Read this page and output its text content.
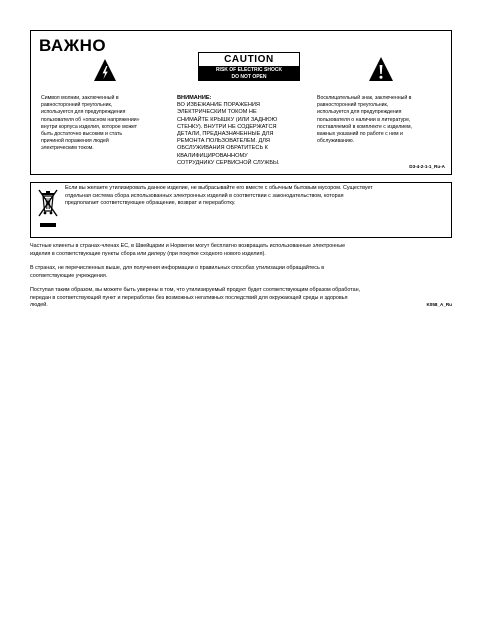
ВАЖНО
CAUTION
RISK OF ELECTRIC SHOCK
DO NOT OPEN
Символ молнии, заключенный в
равносторонний треугольник,
используется для предупреждения
пользователя об «опасном напряжении»
внутри корпуса изделия, которое может
быть достаточно высоким и стать
причиной поражения людей
электрическим током.
ВНИМАНИЕ:
ВО ИЗБЕЖАНИЕ ПОРАЖЕНИЯ
ЭЛЕКТРИЧЕСКИМ ТОКОМ НЕ
СНИМАЙТЕ КРЫШКУ (ИЛИ ЗАДНЮЮ
СТЕНКУ). ВНУТРИ НЕ СОДЕРЖАТСЯ
ДЕТАЛИ, ПРЕДНАЗНАЧЕННЫЕ ДЛЯ
РЕМОНТА ПОЛЬЗОВАТЕЛЕМ. ДЛЯ
ОБСЛУЖИВАНИЯ ОБРАТИТЕСЬ К
КВАЛИФИЦИРОВАННОМУ
СОТРУДНИКУ СЕРВИСНОЙ СЛУЖБЫ.
Восклицательный знак, заключенный в
равносторонний треугольник,
используется для предупреждения
пользователя о наличии в литературе,
поставляемой в комплекте с изделием,
важных указаний по работе с ним и
обслуживанию.
D3-4-2-1-1_Ru-A
Если вы желаете утилизировать данное изделие, не выбрасывайте его вместе с обычным бытовым мусором. Существует
отдельная система сбора использованных электронных изделий в соответствии с законодательством, которая
предполагает соответствующее обращение, возврат и переработку.
Частные клиенты в странах-членах ЕС, в Швейцарии и Норвегии могут бесплатно возвращать использованные электронные
изделия в соответствующие пункты сбора или дилеру (при покупке сходного нового изделия).
В странах, не перечисленных выше, для получения информации о правильных способах утилизации обращайтесь в
соответствующие учреждения.
Поступая таким образом, вы можете быть уверены в том, что утилизируемый продукт будет соответствующим образом обработан,
передан в соответствующий пункт и переработан без возможных негативных последствий для окружающей среды и здоровья
людей.	K058_A_Ru
